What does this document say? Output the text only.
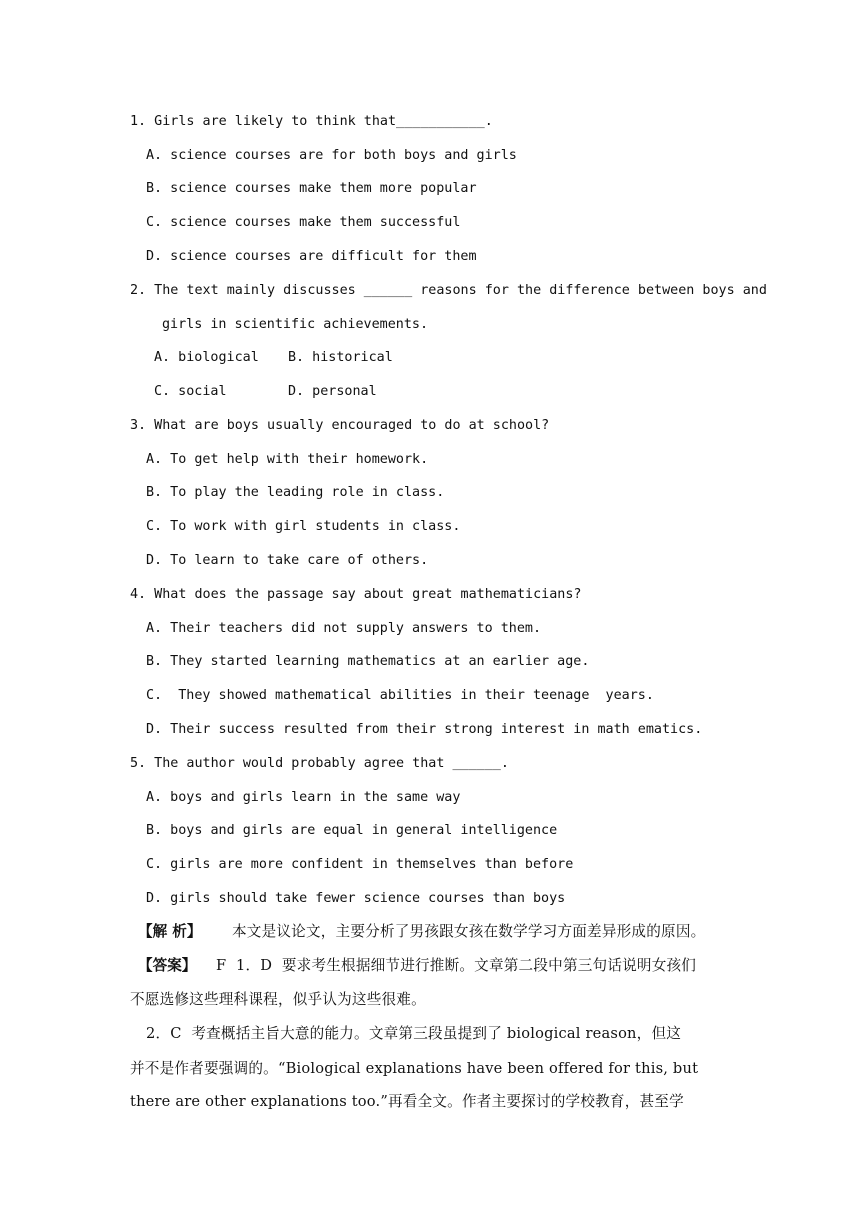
1. Girls are likely to think that___________.
A. science courses are for both boys and girls
B. science courses make them more popular
C. science courses make them successful
D. science courses are difficult for them
2. The text mainly discusses ______ reasons for the difference between boys and
girls in scientific achievements.
A. biological B. historical
C. social	D. personal
3. What are boys usually encouraged to do at school?
A. To get help with their homework.
B. To play the leading role in class.
C. To work with girl students in class.
D. To learn to take care of others.
4. What does the passage say about great mathematicians?
A. Their teachers did not supply answers to them.
B. They started learning mathematics at an earlier age.
C.  They showed mathematical abilities in their teenage  years.
D. Their success resulted from their strong interest in math ematics.
5. The author would probably agree that ______.
A. boys and girls learn in the same way
B. boys and girls are equal in general intelligence
C. girls are more confident in themselves than before
D. girls should take fewer science courses than boys
【解 析】 本文是议论文，主要分析了男孩跟女孩在数学学习方面差异形成的原因。
【答案】 F  1．D  要求考生根据细节进行推断。文章第二段中第三句话说明女孩们
不愿选修这些理科课程，似乎认为这些很难。
2．C  考查概括主旨大意的能力。文章第三段虽提到了 biological reason，但这
并不是作者要强调的。“Biological explanations have been offered for this, but
there are other explanations too.”再看全文。作者主要探讨的学校教育，甚至学
